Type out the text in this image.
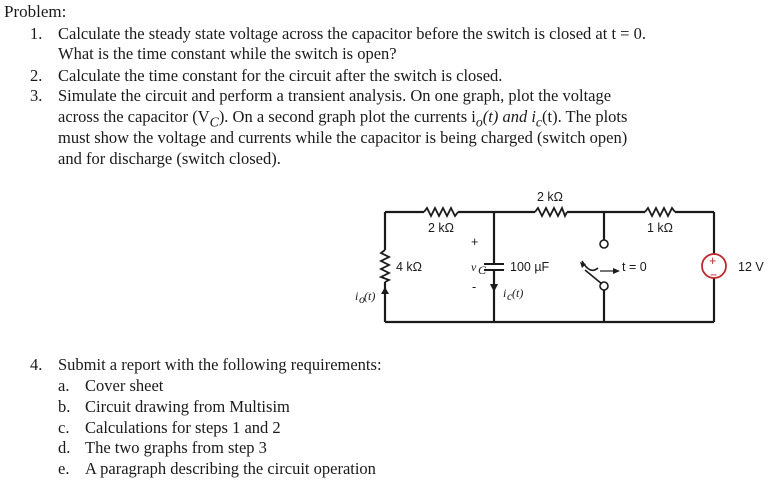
Problem:
1. Calculate the steady state voltage across the capacitor before the switch is closed at t = 0.
What is the time constant while the switch is open?
2. Calculate the time constant for the circuit after the switch is closed.
3. Simulate the circuit and perform a transient analysis. On one graph, plot the voltage
across the capacitor $(V_C)$. On a second graph plot the currents $i_o(t)$ and $i_c(t)$. The plots
must show the voltage and currents while the capacitor is being charged (switch open)
and for discharge (switch closed).
2 kΩ
2 kΩ
1 kΩ
4 kΩ	100 µF
+
-
v C
i c (t)
i o (t)
t = 0	12 V
+
−
4. Submit a report with the following requirements:
a. Cover sheet
b. Circuit drawing from Multisim
c. Calculations for steps 1 and 2
d. The two graphs from step 3
e. A paragraph describing the circuit operation
